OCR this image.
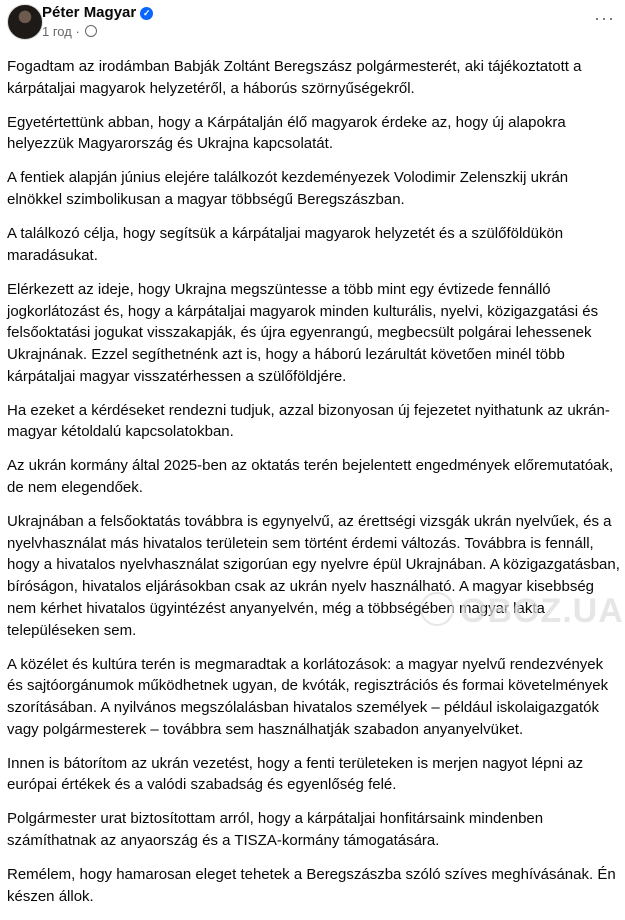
Péter Magyar ✓
1 год ·
···

Fogadtam az irodámban Babják Zoltánt Beregszász polgármesterét, aki tájékoztatott a kárpátaljai magyarok helyzetéről, a háborús szörnyűségekről.

Egyetértettünk abban, hogy a Kárpátalján élő magyarok érdeke az, hogy új alapokra helyezzük Magyarország és Ukrajna kapcsolatát.

A fentiek alapján június elejére találkozót kezdeményezek Volodimir Zelenszkij ukrán elnökkel szimbolikusan a magyar többségű Beregszászban.

A találkozó célja, hogy segítsük a kárpátaljai magyarok helyzetét és a szülőföldükön maradásukat.

Elérkezett az ideje, hogy Ukrajna megszüntesse a több mint egy évtizede fennálló jogkorlátozást és, hogy a kárpátaljai magyarok minden kulturális, nyelvi, közigazgatási és felsőoktatási jogukat visszakapják, és újra egyenrangú, megbecsült polgárai lehessenek Ukrajnának. Ezzel segíthetnénk azt is, hogy a háború lezárultát követően minél több kárpátaljai magyar visszatérhessen a szülőföldjére.

Ha ezeket a kérdéseket rendezni tudjuk, azzal bizonyosan új fejezetet nyithatunk az ukrán-magyar kétoldalú kapcsolatokban.

Az ukrán kormány által 2025-ben az oktatás terén bejelentett engedmények előremutatóak, de nem elegendőek.

Ukrajnában a felsőoktatás továbbra is egynyelvű, az érettségi vizsgák ukrán nyelvűek, és a nyelvhasználat más hivatalos területein sem történt érdemi változás. Továbbra is fennáll, hogy a hivatalos nyelvhasználat szigorúan egy nyelvre épül Ukrajnában. A közigazgatásban, bíróságon, hivatalos eljárásokban csak az ukrán nyelv használható. A magyar kisebbség nem kérhet hivatalos ügyintézést anyanyelvén, még a többségében magyar lakta településeken sem.

A közélet és kultúra terén is megmaradtak a korlátozások: a magyar nyelvű rendezvények és sajtóorgánumok működhetnek ugyan, de kvóták, regisztrációs és formai követelmények szorításában. A nyilvános megszólalásban hivatalos személyek – például iskolaigazgatók vagy polgármesterek – továbbra sem használhatják szabadon anyanyelvüket.

Innen is bátorítom az ukrán vezetést, hogy a fenti területeken is merjen nagyot lépni az európai értékek és a valódi szabadság és egyenlőség felé.

Polgármester urat biztosítottam arról, hogy a kárpátaljai honfitársaink mindenben számíthatnak az anyaország és a TISZA-kormány támogatására.

Remélem, hogy hamarosan eleget tehetek a Beregszászba szóló szíves meghívásának. Én készen állok.

OBOZ.UA
